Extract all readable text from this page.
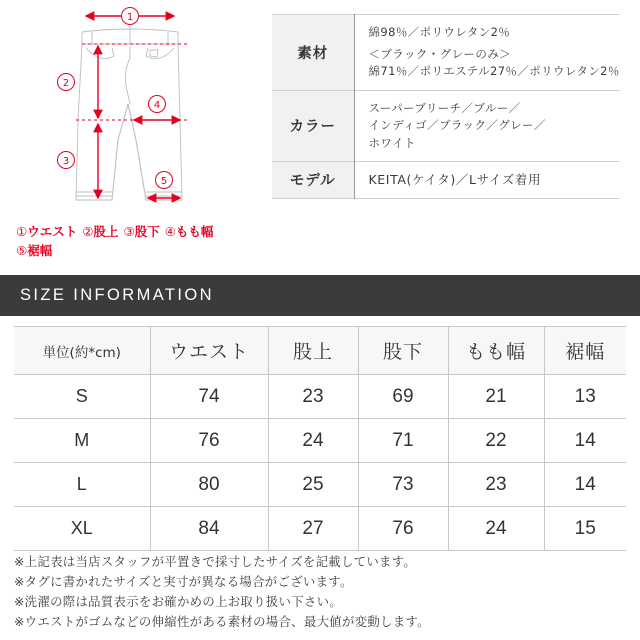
1
2
3
4
5
①ウエスト ②股上 ③股下 ④もも幅
⑤裾幅
素材	綿98％／ポリウレタン2％
＜ブラック・グレーのみ＞
綿71％／ポリエステル27％／ポリウレタン2％

カラー	スーパーブリーチ／ブルー／
インディゴ／ブラック／グレー／
ホワイト

モデル	KEITA(ケイタ)／Lサイズ着用
SIZE INFORMATION
単位(約*cm)	ウエスト	股上	股下	もも幅	裾幅
S	74	23	69	21	13
M	76	24	71	22	14
L	80	25	73	23	14
XL	84	27	76	24	15
※上記表は当店スタッフが平置きで採寸したサイズを記載しています。
※タグに書かれたサイズと実寸が異なる場合がございます。
※洗濯の際は品質表示をお確かめの上お取り扱い下さい。
※ウエストがゴムなどの伸縮性がある素材の場合、最大値が変動します。
